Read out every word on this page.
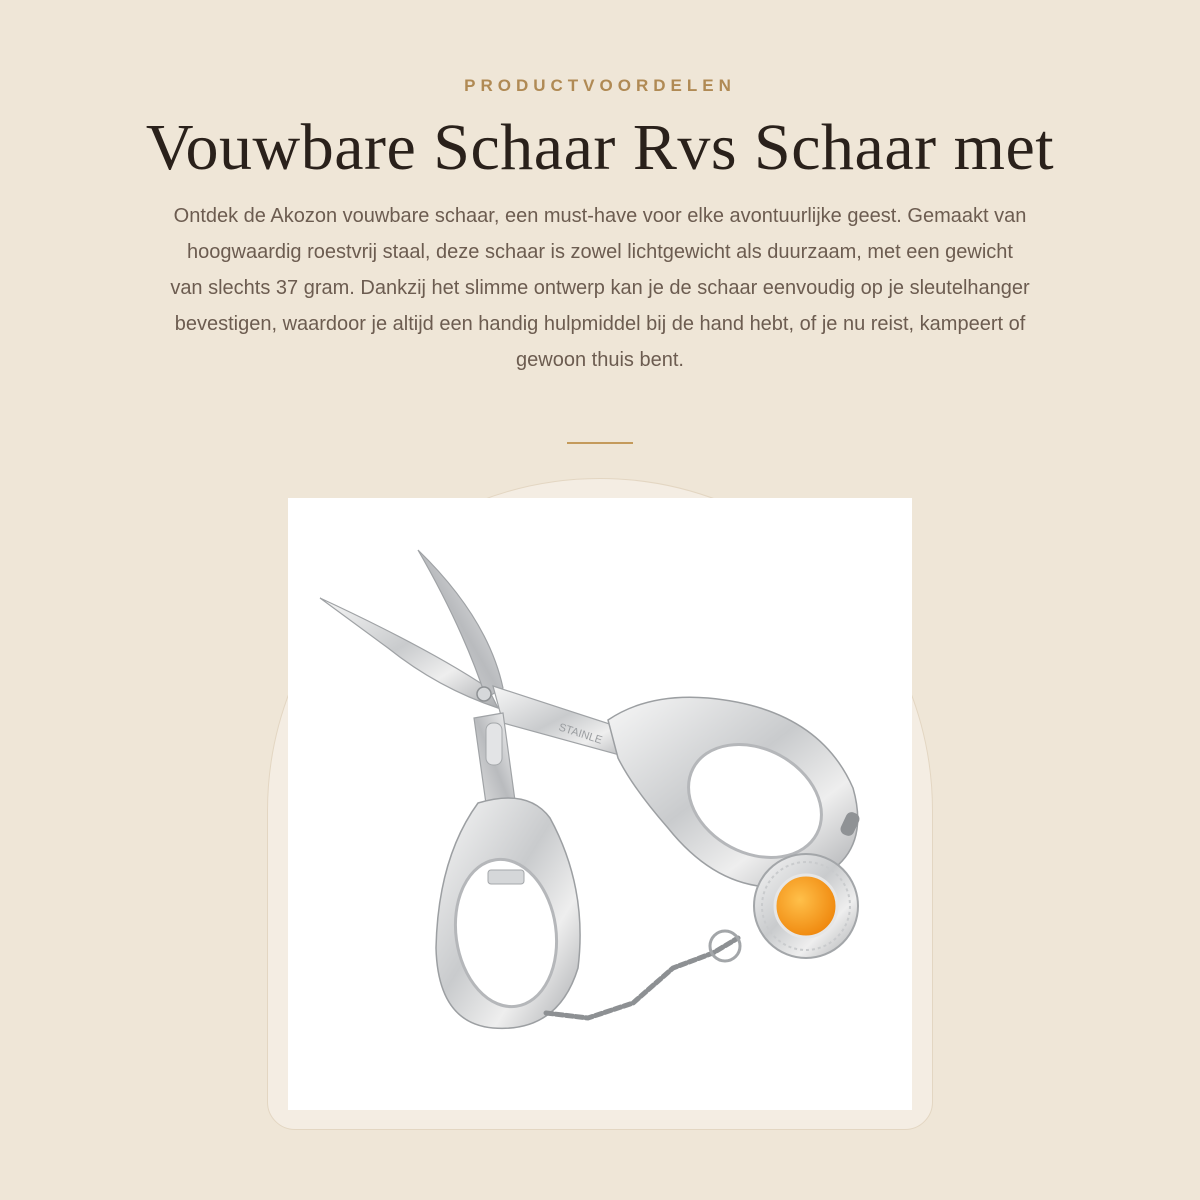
PRODUCTVOORDELEN
Vouwbare Schaar Rvs Schaar met

Ontdek de Akozon vouwbare schaar, een must-have voor elke avontuurlijke geest. Gemaakt van hoogwaardig roestvrij staal, deze schaar is zowel lichtgewicht als duurzaam, met een gewicht van slechts 37 gram. Dankzij het slimme ontwerp kan je de schaar eenvoudig op je sleutelhanger bevestigen, waardoor je altijd een handig hulpmiddel bij de hand hebt, of je nu reist, kampeert of gewoon thuis bent.

STAINLE
